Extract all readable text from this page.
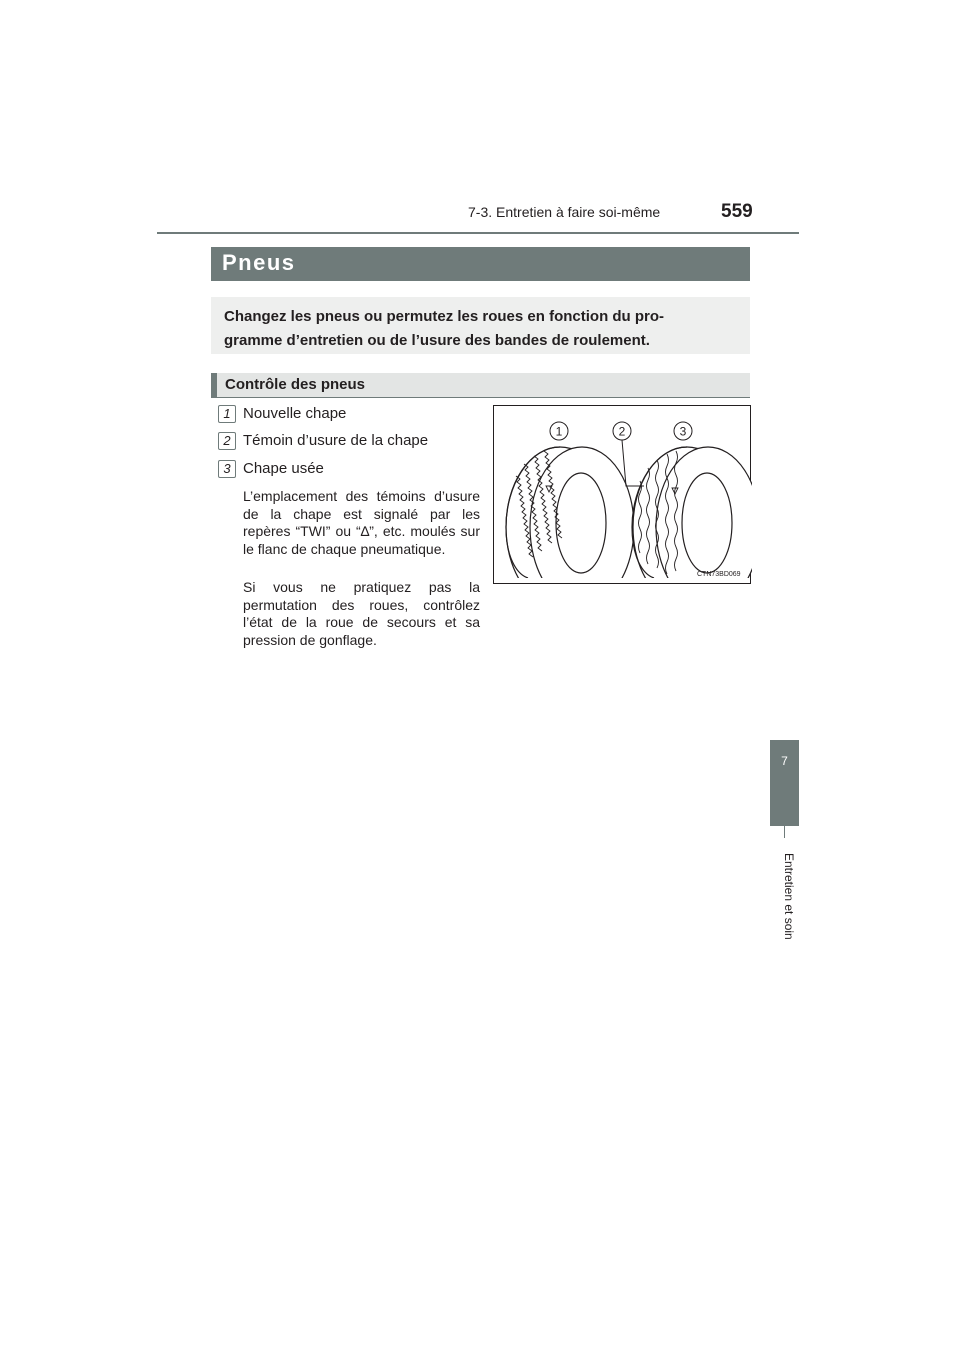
7-3. Entretien à faire soi-même	559
7
Entretien et soin
Pneus
Changez les pneus ou permutez les roues en fonction du pro-
gramme d’entretien ou de l’usure des bandes de roulement.
Contrôle des pneus
1 Nouvelle chape
2 Témoin d’usure de la chape
3 Chape usée
L’emplacement des témoins d’usure de la chape est signalé par les repères “TWI” ou “∆”, etc. moulés sur le flanc de chaque pneumatique.
Si vous ne pratiquez pas la permutation des roues, contrôlez l’état de la roue de secours et sa pression de gonflage.
1	2	3
CTN73BD069
